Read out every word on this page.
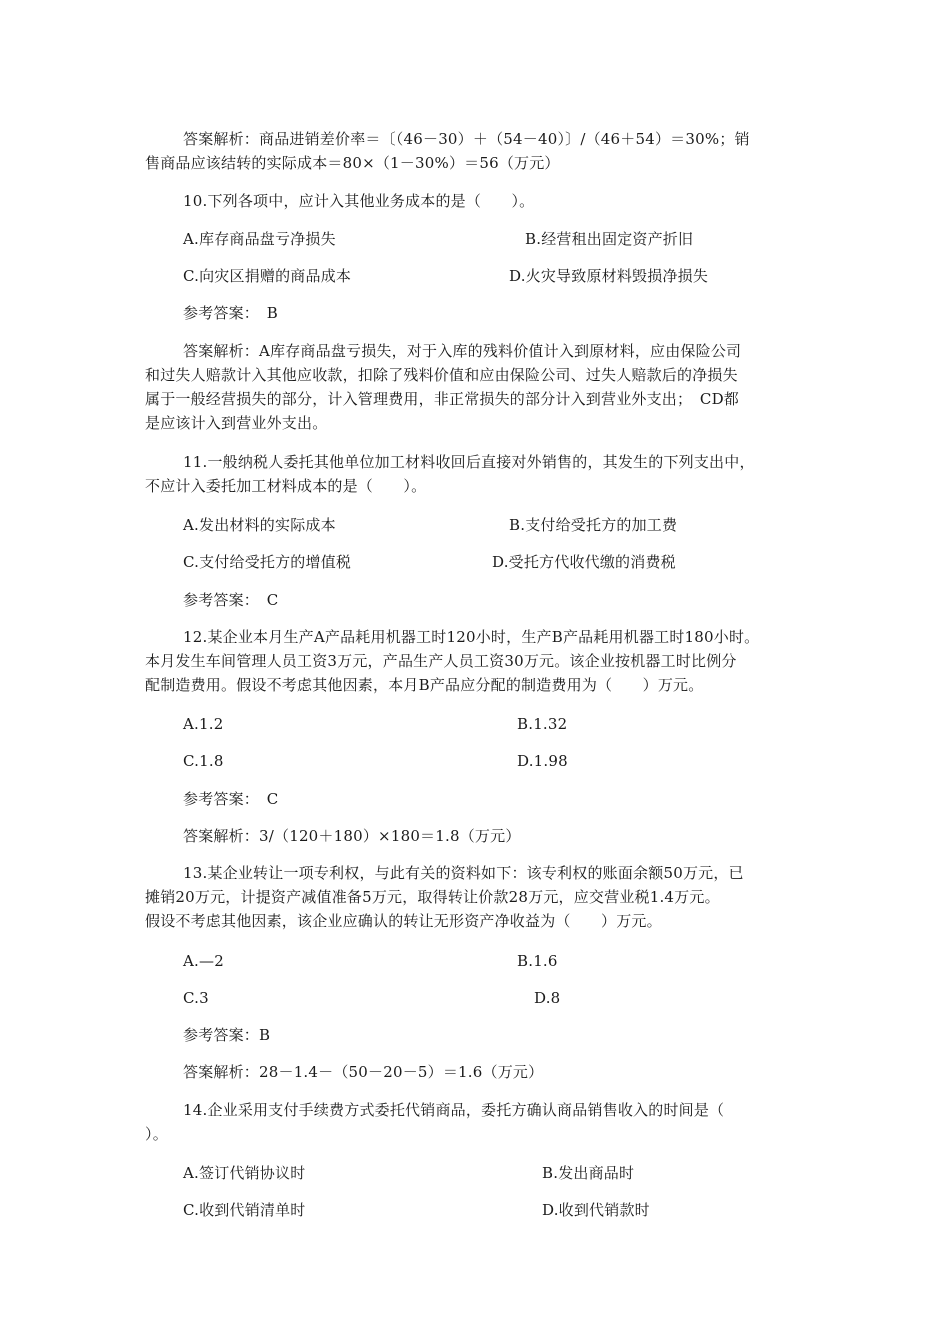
答案解析：商品进销差价率＝〔（46－30）＋（54－40）〕/（46＋54）＝30%；销
售商品应该结转的实际成本＝80×（1－30%）＝56（万元）
10.下列各项中，应计入其他业务成本的是（　　）。
A.库存商品盘亏净损失	B.经营租出固定资产折旧
C.向灾区捐赠的商品成本	D.火灾导致原材料毁损净损失
参考答案：　B
答案解析：A库存商品盘亏损失，对于入库的残料价值计入到原材料，应由保险公司
和过失人赔款计入其他应收款，扣除了残料价值和应由保险公司、过失人赔款后的净损失
属于一般经营损失的部分，计入管理费用，非正常损失的部分计入到营业外支出；　CD都
是应该计入到营业外支出。
11.一般纳税人委托其他单位加工材料收回后直接对外销售的，其发生的下列支出中，
不应计入委托加工材料成本的是（　　）。
A.发出材料的实际成本	B.支付给受托方的加工费
C.支付给受托方的增值税	D.受托方代收代缴的消费税
参考答案：　C
12.某企业本月生产A产品耗用机器工时120小时，生产B产品耗用机器工时180小时。
本月发生车间管理人员工资3万元，产品生产人员工资30万元。该企业按机器工时比例分
配制造费用。假设不考虑其他因素，本月B产品应分配的制造费用为（　　）万元。
A.1.2	B.1.32
C.1.8	D.1.98
参考答案：　C
答案解析：3/（120＋180）×180＝1.8（万元）
13.某企业转让一项专利权，与此有关的资料如下：该专利权的账面余额50万元，已
摊销20万元，计提资产减值准备5万元，取得转让价款28万元，应交营业税1.4万元。
假设不考虑其他因素，该企业应确认的转让无形资产净收益为（　　）万元。
A.—2	B.1.6
C.3	D.8
参考答案：B
答案解析：28－1.4－（50－20－5）＝1.6（万元）
14.企业采用支付手续费方式委托代销商品，委托方确认商品销售收入的时间是（
）。
A.签订代销协议时	B.发出商品时
C.收到代销清单时	D.收到代销款时
